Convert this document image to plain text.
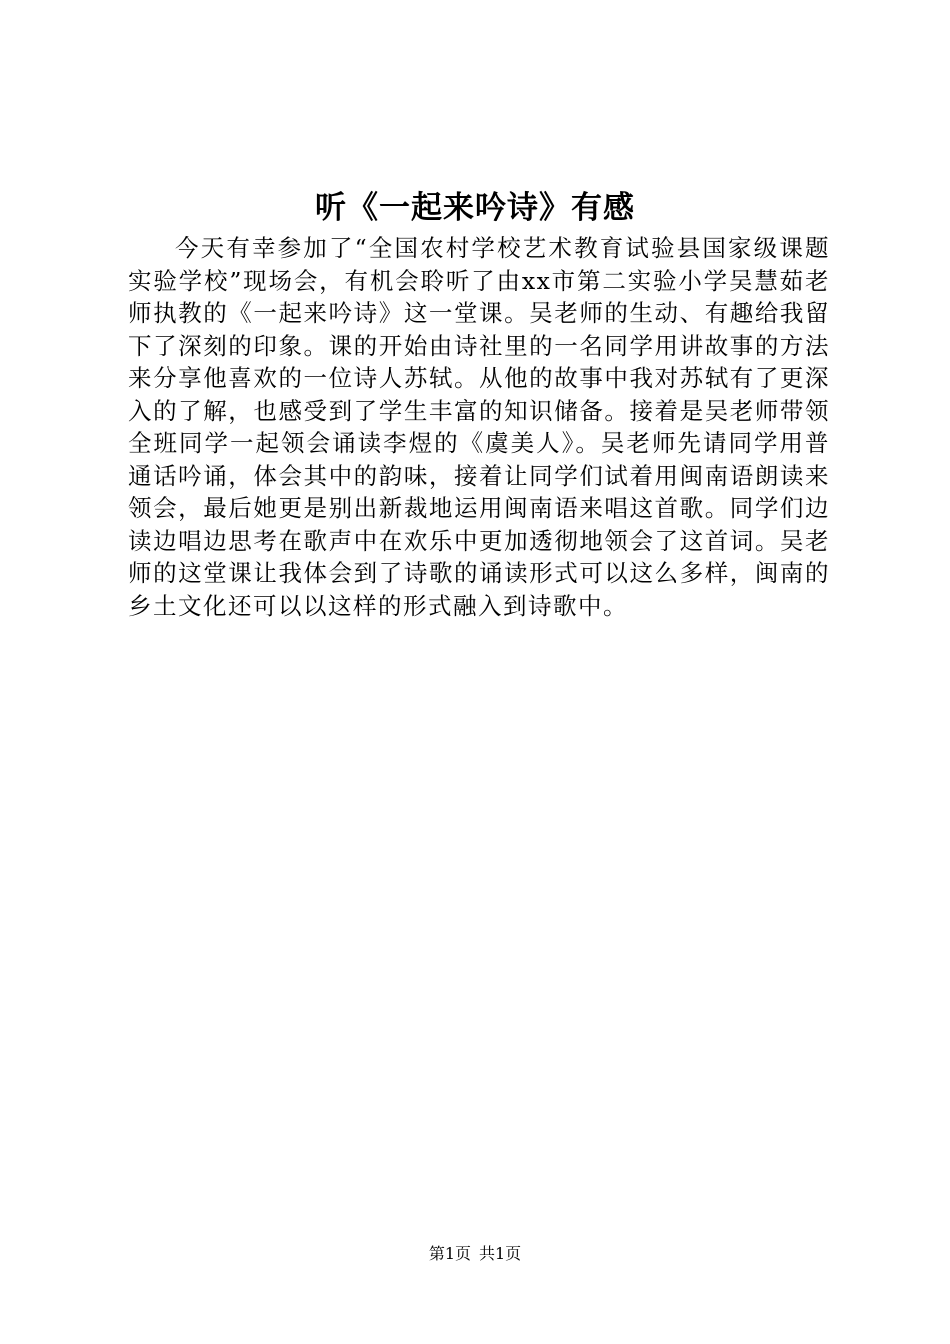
听《一起来吟诗》有感

今天有幸参加了“全国农村学校艺术教育试验县国家级课题实验学校”现场会，有机会聆听了由xx市第二实验小学吴慧茹老师执教的《一起来吟诗》这一堂课。吴老师的生动、有趣给我留下了深刻的印象。课的开始由诗社里的一名同学用讲故事的方法来分享他喜欢的一位诗人苏轼。从他的故事中我对苏轼有了更深入的了解，也感受到了学生丰富的知识储备。接着是吴老师带领全班同学一起领会诵读李煜的《虞美人》。吴老师先请同学用普通话吟诵，体会其中的韵味，接着让同学们试着用闽南语朗读来领会，最后她更是别出新裁地运用闽南语来唱这首歌。同学们边读边唱边思考在歌声中在欢乐中更加透彻地领会了这首词。吴老师的这堂课让我体会到了诗歌的诵读形式可以这么多样，闽南的乡土文化还可以以这样的形式融入到诗歌中。

第1页 共1页
